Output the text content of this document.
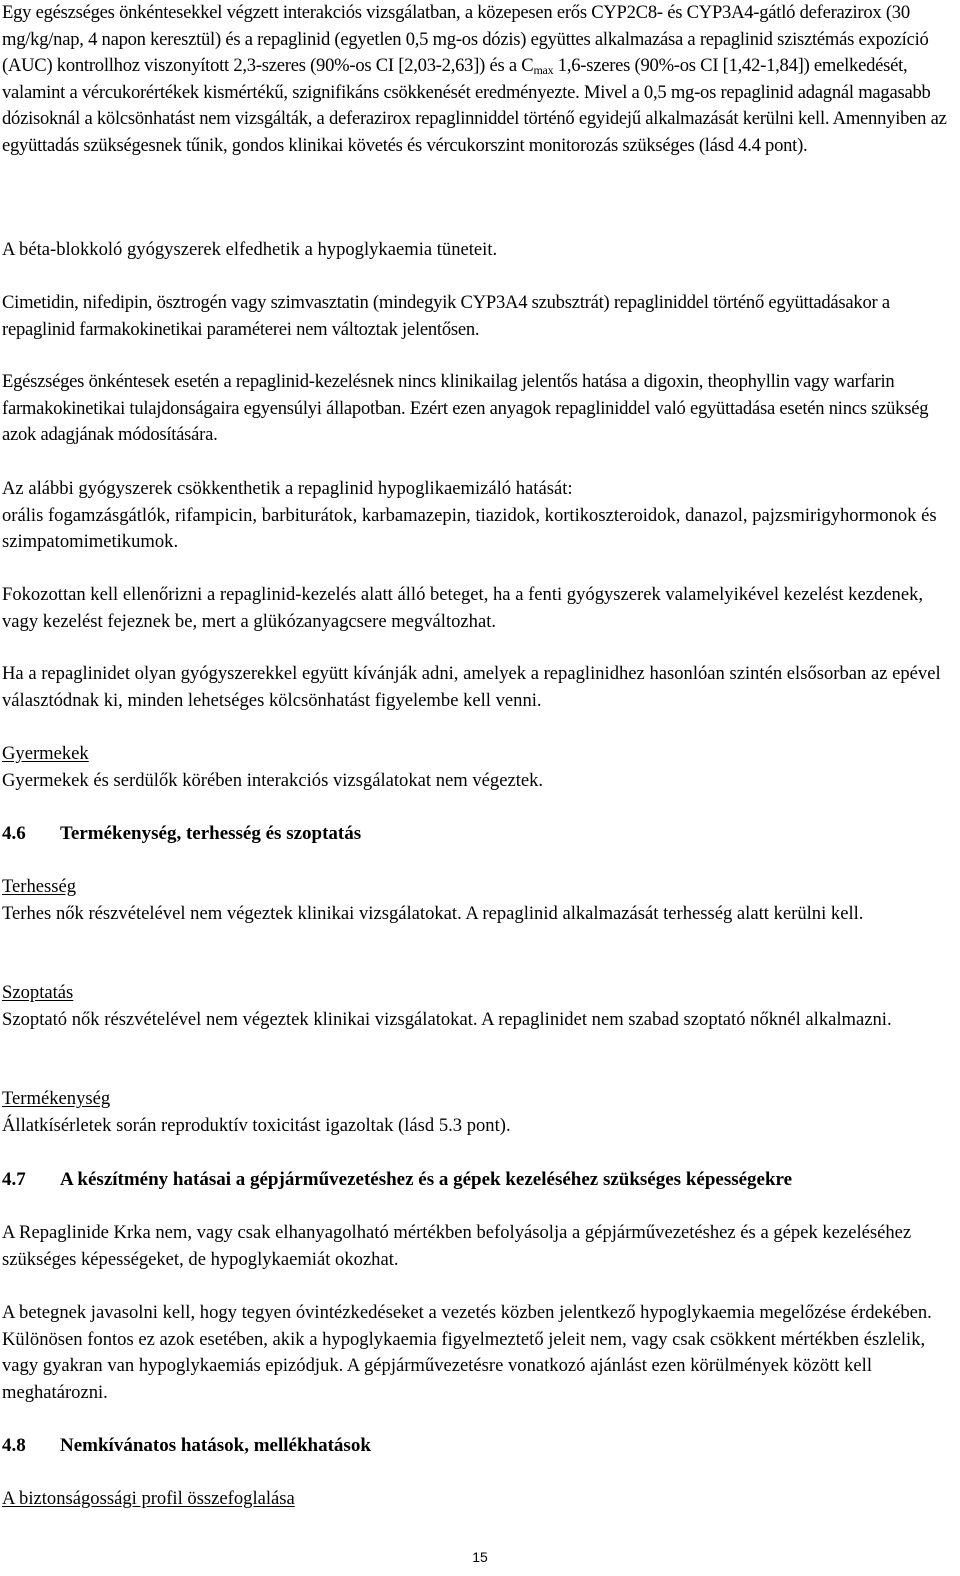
Egy egészséges önkéntesekkel végzett interakciós vizsgálatban, a közepesen erős CYP2C8- és CYP3A4-gátló deferazirox (30 mg/kg/nap, 4 napon keresztül) és a repaglinid (egyetlen 0,5 mg-os dózis) együttes alkalmazása a repaglinid szisztémás expozíció (AUC) kontrollhoz viszonyított 2,3-szeres (90%-os CI [2,03-2,63]) és a $C_{max}$ 1,6-szeres (90%-os CI [1,42-1,84]) emelkedését, valamint a vércukorértékek kismértékű, szignifikáns csökkenését eredményezte. Mivel a 0,5 mg-os repaglinid adagnál magasabb dózisoknál a kölcsönhatást nem vizsgálták, a deferazirox repaglinniddel történő egyidejű alkalmazását kerülni kell. Amennyiben az együttadás szükségesnek tűnik, gondos klinikai követés és vércukorszint monitorozás szükséges (lásd 4.4 pont).

A béta-blokkoló gyógyszerek elfedhetik a hypoglykaemia tüneteit.

Cimetidin, nifedipin, ösztrogén vagy szimvasztatin (mindegyik CYP3A4 szubsztrát) repagliniddel történő együttadásakor a repaglinid farmakokinetikai paraméterei nem változtak jelentősen.

Egészséges önkéntesek esetén a repaglinid-kezelésnek nincs klinikailag jelentős hatása a digoxin, theophyllin vagy warfarin farmakokinetikai tulajdonságaira egyensúlyi állapotban. Ezért ezen anyagok repagliniddel való együttadása esetén nincs szükség azok adagjának módosítására.

Az alábbi gyógyszerek csökkenthetik a repaglinid hypoglikaemizáló hatását:
orális fogamzásgátlók, rifampicin, barbiturátok, karbamazepin, tiazidok, kortikoszteroidok, danazol, pajzsmirigyhormonok és szimpatomimetikumok.

Fokozottan kell ellenőrizni a repaglinid-kezelés alatt álló beteget, ha a fenti gyógyszerek valamelyikével kezelést kezdenek, vagy kezelést fejeznek be, mert a glükózanyagcsere megváltozhat.

Ha a repaglinidet olyan gyógyszerekkel együtt kívánják adni, amelyek a repaglinidhez hasonlóan szintén elsősorban az epével választódnak ki, minden lehetséges kölcsönhatást figyelembe kell venni.

Gyermekek
Gyermekek és serdülők körében interakciós vizsgálatokat nem végeztek.

4.6 Termékenység, terhesség és szoptatás

Terhesség
Terhes nők részvételével nem végeztek klinikai vizsgálatokat. A repaglinid alkalmazását terhesség alatt kerülni kell.

Szoptatás
Szoptató nők részvételével nem végeztek klinikai vizsgálatokat. A repaglinidet nem szabad szoptató nőknél alkalmazni.

Termékenység
Állatkísérletek során reproduktív toxicitást igazoltak (lásd 5.3 pont).

4.7 A készítmény hatásai a gépjárművezetéshez és a gépek kezeléséhez szükséges képességekre

A Repaglinide Krka nem, vagy csak elhanyagolható mértékben befolyásolja a gépjárművezetéshez és a gépek kezeléséhez szükséges képességeket, de hypoglykaemiát okozhat.

A betegnek javasolni kell, hogy tegyen óvintézkedéseket a vezetés közben jelentkező hypoglykaemia megelőzése érdekében. Különösen fontos ez azok esetében, akik a hypoglykaemia figyelmeztető jeleit nem, vagy csak csökkent mértékben észlelik, vagy gyakran van hypoglykaemiás epizódjuk. A gépjárművezetésre vonatkozó ajánlást ezen körülmények között kell meghatározni.

4.8 Nemkívánatos hatások, mellékhatások

A biztonságossági profil összefoglalása

15
